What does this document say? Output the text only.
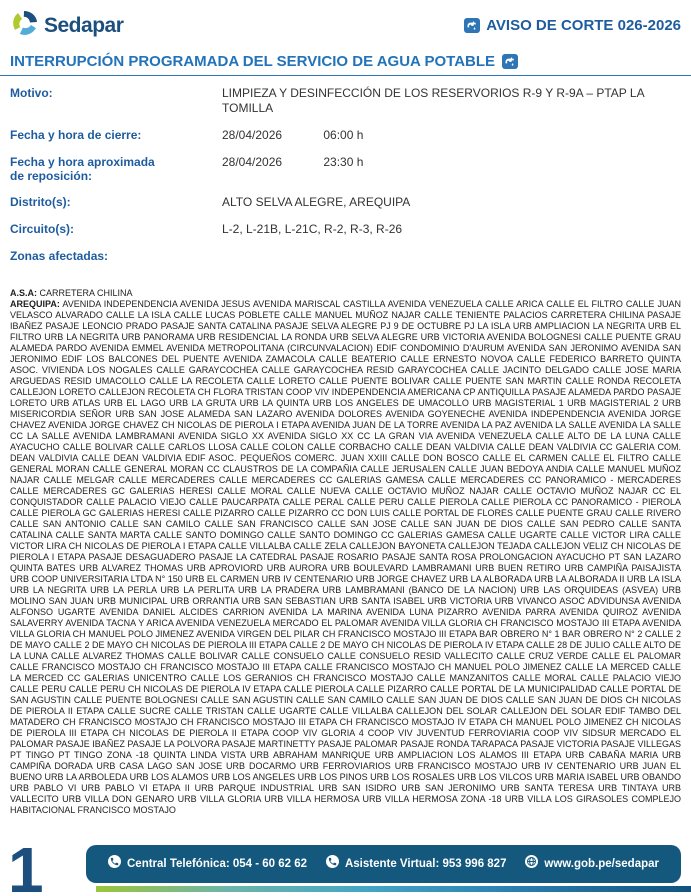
Sedapar	AVISO DE CORTE 026-2026
INTERRUPCIÓN PROGRAMADA DEL SERVICIO DE AGUA POTABLE
Motivo:	LIMPIEZA Y DESINFECCIÓN DE LOS RESERVORIOS R-9 Y R-9A – PTAP LA TOMILLA
Fecha y hora de cierre:	28/04/2026	06:00 h
Fecha y hora aproximada de reposición:
28/04/2026	23:30 h
Distrito(s):	ALTO SELVA ALEGRE, AREQUIPA
Circuito(s):	L-2, L-21B, L-21C, R-2, R-3, R-26
Zonas afectadas:
A.S.A: CARRETERA CHILINA
AREQUIPA: AVENIDA INDEPENDENCIA AVENIDA JESUS AVENIDA MARISCAL CASTILLA AVENIDA VENEZUELA CALLE ARICA CALLE EL FILTRO CALLE JUAN VELASCO ALVARADO CALLE LA ISLA CALLE LUCAS POBLETE CALLE MANUEL MUÑOZ NAJAR CALLE TENIENTE PALACIOS CARRETERA CHILINA PASAJE IBAÑEZ PASAJE LEONCIO PRADO PASAJE SANTA CATALINA PASAJE SELVA ALEGRE PJ 9 DE OCTUBRE PJ LA ISLA URB AMPLIACION LA NEGRITA URB EL FILTRO URB LA NEGRITA URB PANORAMA URB RESIDENCIAL LA RONDA URB SELVA ALEGRE URB VICTORIA AVENIDA BOLOGNESI CALLE PUENTE GRAU ALAMEDA PARDO AVENIDA EMMEL AVENIDA METROPOLITANA (CIRCUNVALACION) EDIF CONDOMINIO D'AURUM AVENIDA SAN JERONIMO AVENIDA SAN JERONIMO EDIF LOS BALCONES DEL PUENTE AVENIDA ZAMACOLA CALLE BEATERIO CALLE ERNESTO NOVOA CALLE FEDERICO BARRETO QUINTA ASOC. VIVIENDA LOS NOGALES CALLE GARAYCOCHEA CALLE GARAYCOCHEA RESID GARAYCOCHEA CALLE JACINTO DELGADO CALLE JOSE MARIA ARGUEDAS RESID UMACOLLO CALLE LA RECOLETA CALLE LORETO CALLE PUENTE BOLIVAR CALLE PUENTE SAN MARTIN CALLE RONDA RECOLETA CALLEJON LORETO CALLEJON RECOLETA CH FLORA TRISTAN COOP VIV INDEPENDENCIA AMERICANA CP ANTIQUILLA PASAJE ALAMEDA PARDO PASAJE LORETO URB ATLAS URB EL LAGO URB LA GRUTA URB LA QUINTA URB LOS ANGELES DE UMACOLLO URB MAGISTERIAL 1 URB MAGISTERIAL 2 URB MISERICORDIA SEÑOR URB SAN JOSE ALAMEDA SAN LAZARO AVENIDA DOLORES AVENIDA GOYENECHE AVENIDA INDEPENDENCIA AVENIDA JORGE CHAVEZ AVENIDA JORGE CHAVEZ CH NICOLAS DE PIEROLA I ETAPA AVENIDA JUAN DE LA TORRE AVENIDA LA PAZ AVENIDA LA SALLE AVENIDA LA SALLE CC LA SALLE AVENIDA LAMBRAMANI AVENIDA SIGLO XX AVENIDA SIGLO XX CC LA GRAN VIA AVENIDA VENEZUELA CALLE ALTO DE LA LUNA CALLE AYACUCHO CALLE BOLIVAR CALLE CARLOS LLOSA CALLE COLON CALLE CORBACHO CALLE DEAN VALDIVIA CALLE DEAN VALDIVIA CC GALERIA COM. DEAN VALDIVIA CALLE DEAN VALDIVIA EDIF ASOC. PEQUEÑOS COMERC. JUAN XXIII CALLE DON BOSCO CALLE EL CARMEN CALLE EL FILTRO CALLE GENERAL MORAN CALLE GENERAL MORAN CC CLAUSTROS DE LA COMPAÑIA CALLE JERUSALEN CALLE JUAN BEDOYA ANDIA CALLE MANUEL MUÑOZ NAJAR CALLE MELGAR CALLE MERCADERES CALLE MERCADERES CC GALERIAS GAMESA CALLE MERCADERES CC PANORAMICO - MERCADERES CALLE MERCADERES GC GALERIAS HERESI CALLE MORAL CALLE NUEVA CALLE OCTAVIO MUÑOZ NAJAR CALLE OCTAVIO MUÑOZ NAJAR CC EL CONQUISTADOR CALLE PALACIO VIEJO CALLE PAUCARPATA CALLE PERAL CALLE PERU CALLE PIEROLA CALLE PIEROLA CC PANORAMICO - PIEROLA CALLE PIEROLA GC GALERIAS HERESI CALLE PIZARRO CALLE PIZARRO CC DON LUIS CALLE PORTAL DE FLORES CALLE PUENTE GRAU CALLE RIVERO CALLE SAN ANTONIO CALLE SAN CAMILO CALLE SAN FRANCISCO CALLE SAN JOSE CALLE SAN JUAN DE DIOS CALLE SAN PEDRO CALLE SANTA CATALINA CALLE SANTA MARTA CALLE SANTO DOMINGO CALLE SANTO DOMINGO CC GALERIAS GAMESA CALLE UGARTE CALLE VICTOR LIRA CALLE VICTOR LIRA CH NICOLAS DE PIEROLA I ETAPA CALLE VILLALBA CALLE ZELA CALLEJON BAYONETA CALLEJON TEJADA CALLEJON VELIZ CH NICOLAS DE PIEROLA I ETAPA PASAJE DESAGUADERO PASAJE LA CATEDRAL PASAJE ROSARIO PASAJE SANTA ROSA PROLONGACION AYACUCHO PT SAN LAZARO QUINTA BATES URB ALVAREZ THOMAS URB APROVIORD URB AURORA URB BOULEVARD LAMBRAMANI URB BUEN RETIRO URB CAMPIÑA PAISAJISTA URB COOP UNIVERSITARIA LTDA N° 150 URB EL CARMEN URB IV CENTENARIO URB JORGE CHAVEZ URB LA ALBORADA URB LA ALBORADA II URB LA ISLA URB LA NEGRITA URB LA PERLA URB LA PERLITA URB LA PRADERA URB LAMBRAMANI (BANCO DE LA NACION) URB LAS ORQUIDEAS (ASVEA) URB MOLINO SAN JUAN URB MUNICIPAL URB ORRANTIA URB SAN SEBASTIAN URB SANTA ISABEL URB VICTORIA URB VIVANCO ASOC ADVIDUNSA AVENIDA ALFONSO UGARTE AVENIDA DANIEL ALCIDES CARRION AVENIDA LA MARINA AVENIDA LUNA PIZARRO AVENIDA PARRA AVENIDA QUIROZ AVENIDA SALAVERRY AVENIDA TACNA Y ARICA AVENIDA VENEZUELA MERCADO EL PALOMAR AVENIDA VILLA GLORIA CH FRANCISCO MOSTAJO III ETAPA AVENIDA VILLA GLORIA CH MANUEL POLO JIMENEZ AVENIDA VIRGEN DEL PILAR CH FRANCISCO MOSTAJO III ETAPA BAR OBRERO N° 1 BAR OBRERO N° 2 CALLE 2 DE MAYO CALLE 2 DE MAYO CH NICOLAS DE PIEROLA III ETAPA CALLE 2 DE MAYO CH NICOLAS DE PIEROLA IV ETAPA CALLE 28 DE JULIO CALLE ALTO DE LA LUNA CALLE ALVAREZ THOMAS CALLE BOLIVAR CALLE CONSUELO CALLE CONSUELO RESID VALLECITO CALLE CRUZ VERDE CALLE EL PALOMAR CALLE FRANCISCO MOSTAJO CH FRANCISCO MOSTAJO III ETAPA CALLE FRANCISCO MOSTAJO CH MANUEL POLO JIMENEZ CALLE LA MERCED CALLE LA MERCED CC GALERIAS UNICENTRO CALLE LOS GERANIOS CH FRANCISCO MOSTAJO CALLE MANZANITOS CALLE MORAL CALLE PALACIO VIEJO CALLE PERU CALLE PERU CH NICOLAS DE PIEROLA IV ETAPA CALLE PIEROLA CALLE PIZARRO CALLE PORTAL DE LA MUNICIPALIDAD CALLE PORTAL DE SAN AGUSTIN CALLE PUENTE BOLOGNESI CALLE SAN AGUSTIN CALLE SAN CAMILO CALLE SAN JUAN DE DIOS CALLE SAN JUAN DE DIOS CH NICOLAS DE PIEROLA II ETAPA CALLE SUCRE CALLE TRISTAN CALLE UGARTE CALLE VILLALBA CALLEJON DEL SOLAR CALLEJON DEL SOLAR EDIF TAMBO DEL MATADERO CH FRANCISCO MOSTAJO CH FRANCISCO MOSTAJO III ETAPA CH FRANCISCO MOSTAJO IV ETAPA CH MANUEL POLO JIMENEZ CH NICOLAS DE PIEROLA III ETAPA CH NICOLAS DE PIEROLA II ETAPA COOP VIV GLORIA 4 COOP VIV JUVENTUD FERROVIARIA COOP VIV SIDSUR MERCADO EL PALOMAR PASAJE IBAÑEZ PASAJE LA POLVORA PASAJE MARTINETTY PASAJE PALOMAR PASAJE RONDA TARAPACA PASAJE VICTORIA PASAJE VILLEGAS PT TINGO PT TINGO ZONA -18 QUINTA LINDA VISTA URB ABRAHAM MANRIQUE URB AMPLIACION LOS ALAMOS III ETAPA URB CABAÑA MARIA URB CAMPIÑA DORADA URB CASA LAGO SAN JOSE URB DOCARMO URB FERROVIARIOS URB FRANCISCO MOSTAJO URB IV CENTENARIO URB JUAN EL BUENO URB LA ARBOLEDA URB LOS ALAMOS URB LOS ANGELES URB LOS PINOS URB LOS ROSALES URB LOS VILCOS URB MARIA ISABEL URB OBANDO URB PABLO VI URB PABLO VI ETAPA II URB PARQUE INDUSTRIAL URB SAN ISIDRO URB SAN JERONIMO URB SANTA TERESA URB TINTAYA URB VALLECITO URB VILLA DON GENARO URB VILLA GLORIA URB VILLA HERMOSA URB VILLA HERMOSA ZONA -18 URB VILLA LOS GIRASOLES COMPLEJO HABITACIONAL FRANCISCO MOSTAJO
1	Central Telefónica: 054 - 60 62 62	Asistente Virtual: 953 996 827	www.gob.pe/sedapar
